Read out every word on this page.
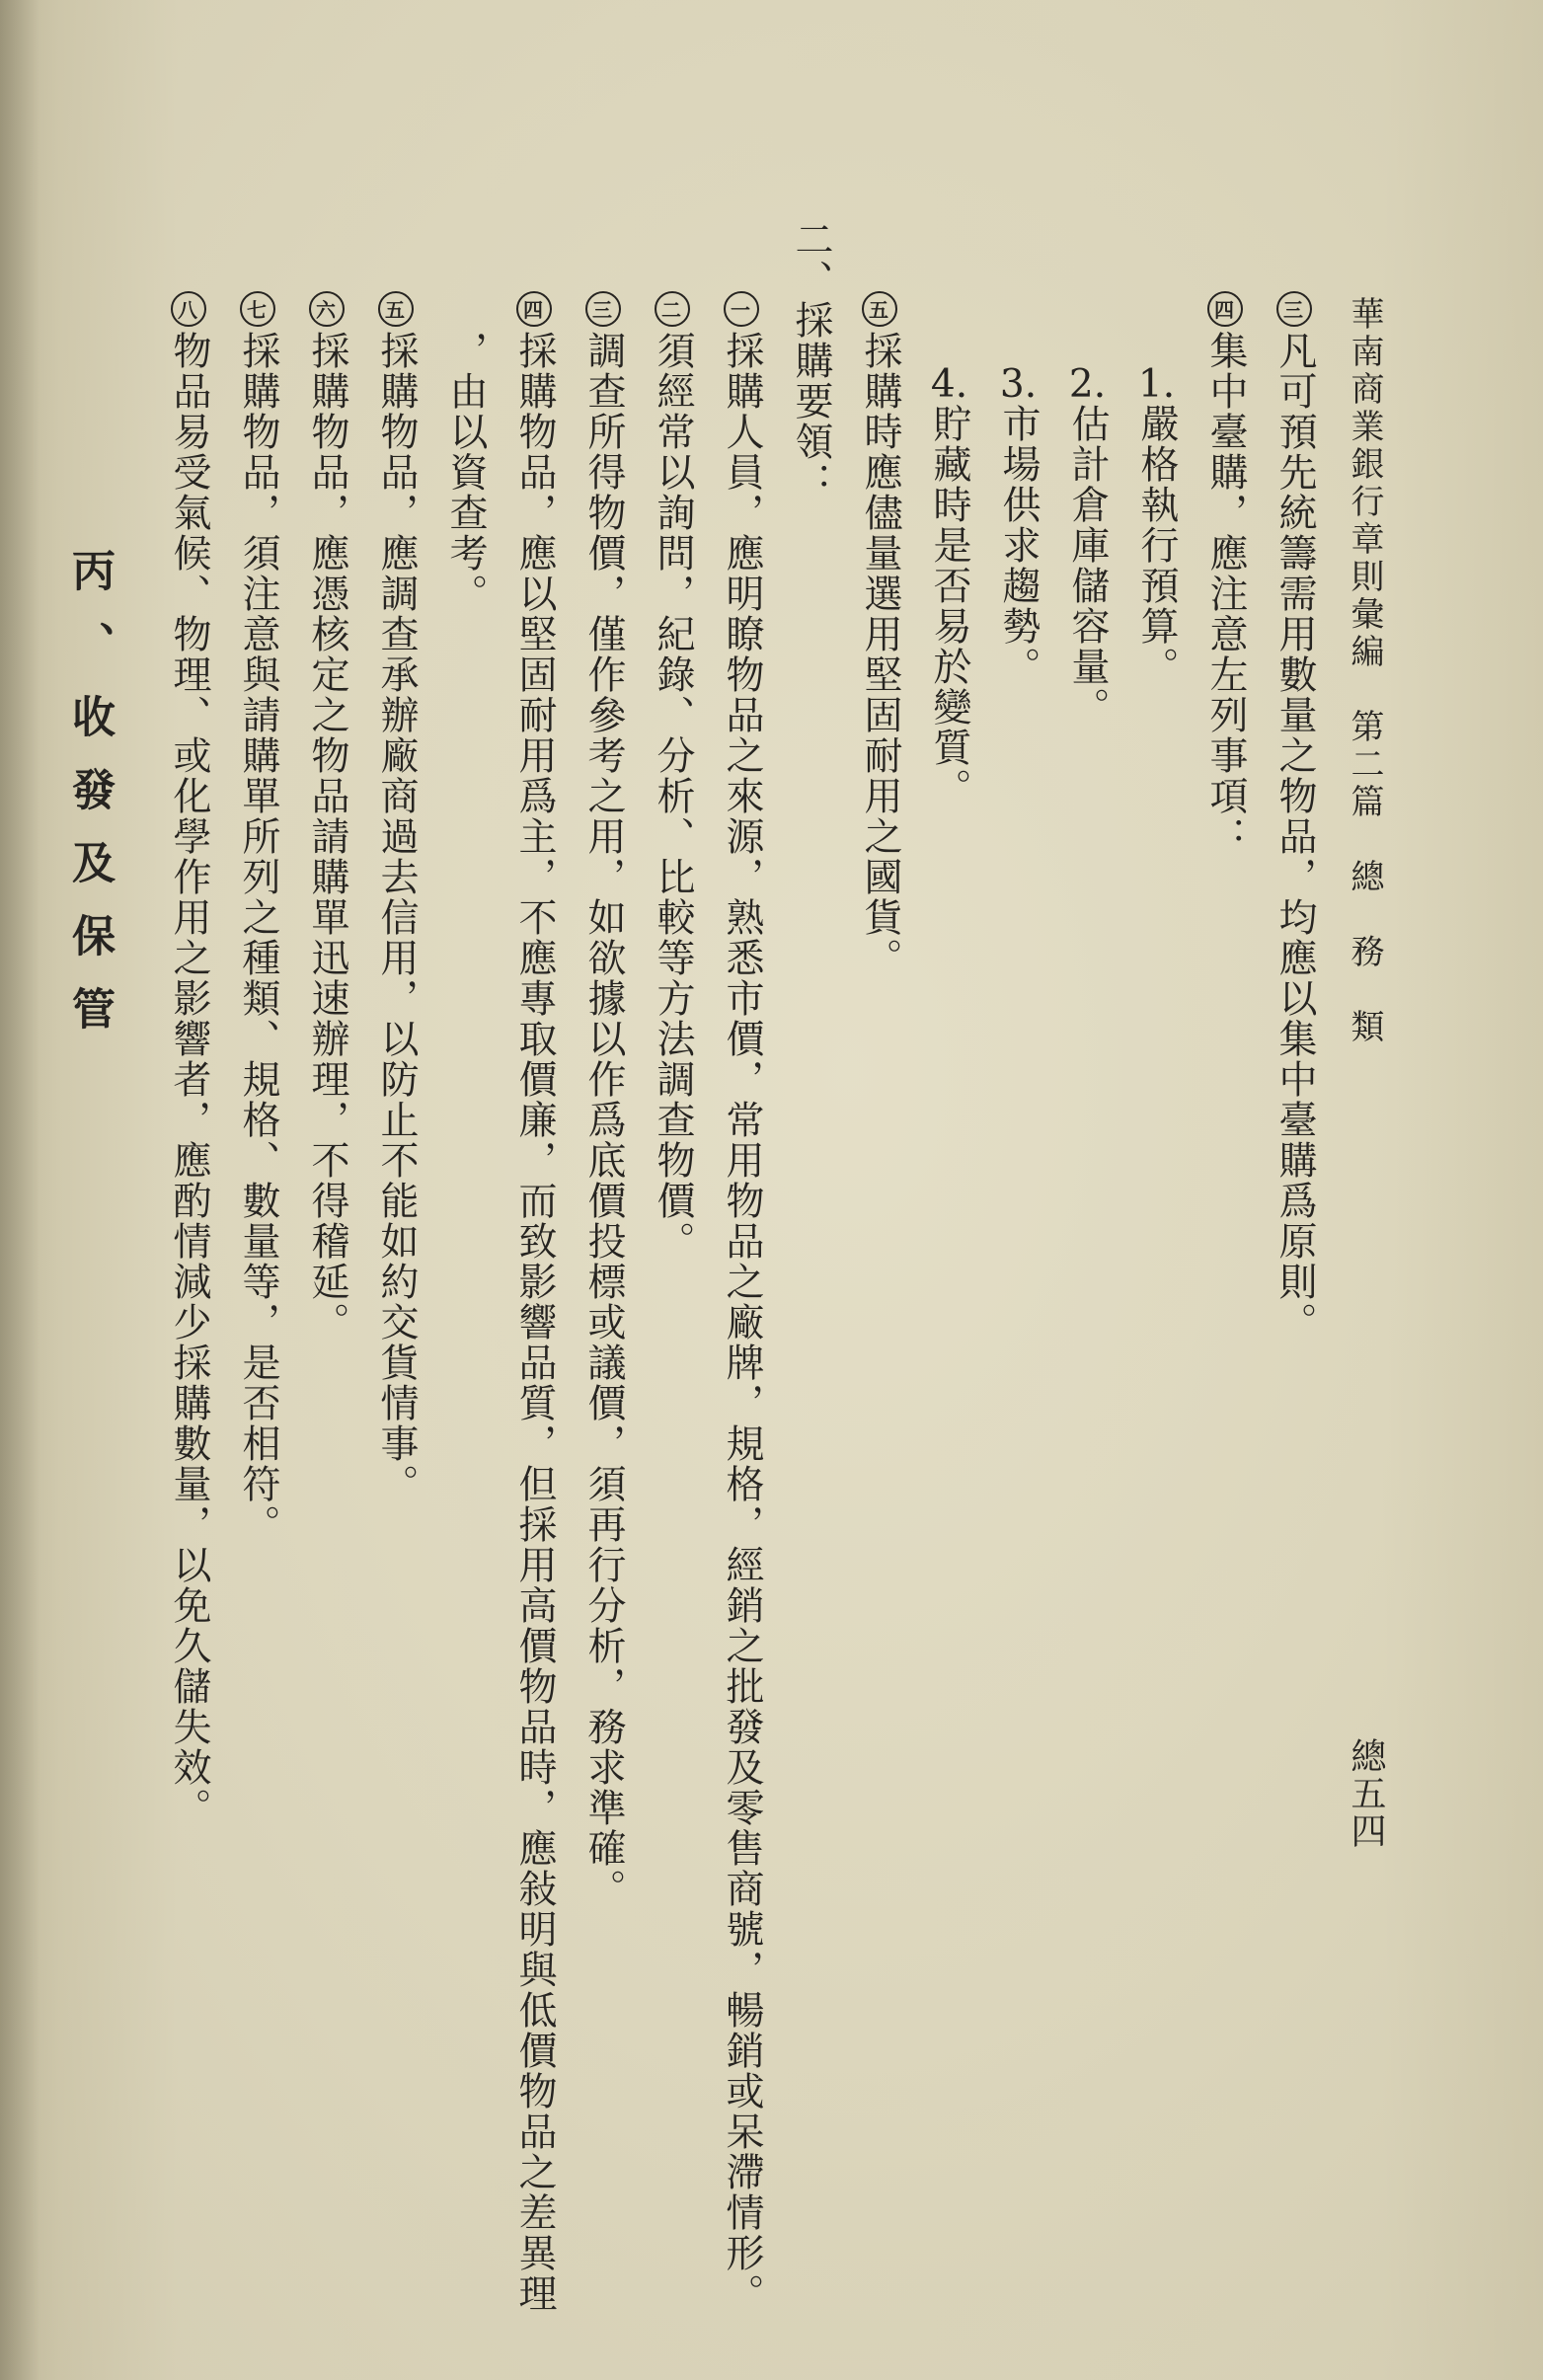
華南商業銀行章則彙編　第二篇　總　務　類
總五四
三凡可預先統籌需用數量之物品，均應以集中臺購爲原則。
四集中臺購，應注意左列事項：
1.嚴格執行預算。
2.估計倉庫儲容量。
3.市場供求趨勢。
4.貯藏時是否易於變質。
五採購時應儘量選用堅固耐用之國貨。
二、採購要領：
一採購人員，應明瞭物品之來源，熟悉市價，常用物品之廠牌，規格，經銷之批發及零售商號，暢銷或呆滯情形。
二須經常以詢問，紀錄、分析、比較等方法調查物價。
三調查所得物價，僅作參考之用，如欲據以作爲底價投標或議價，須再行分析，務求準確。
四採購物品，應以堅固耐用爲主，不應專取價廉，而致影響品質，但採用高價物品時，應敍明與低價物品之差異理
，由以資查考。
五採購物品，應調查承辦廠商過去信用，以防止不能如約交貨情事。
六採購物品，應憑核定之物品請購單迅速辦理，不得稽延。
七採購物品，須注意與請購單所列之種類、規格、數量等，是否相符。
八物品易受氣候、物理、或化學作用之影響者，應酌情減少採購數量，以免久儲失效。
丙、收發及保管
